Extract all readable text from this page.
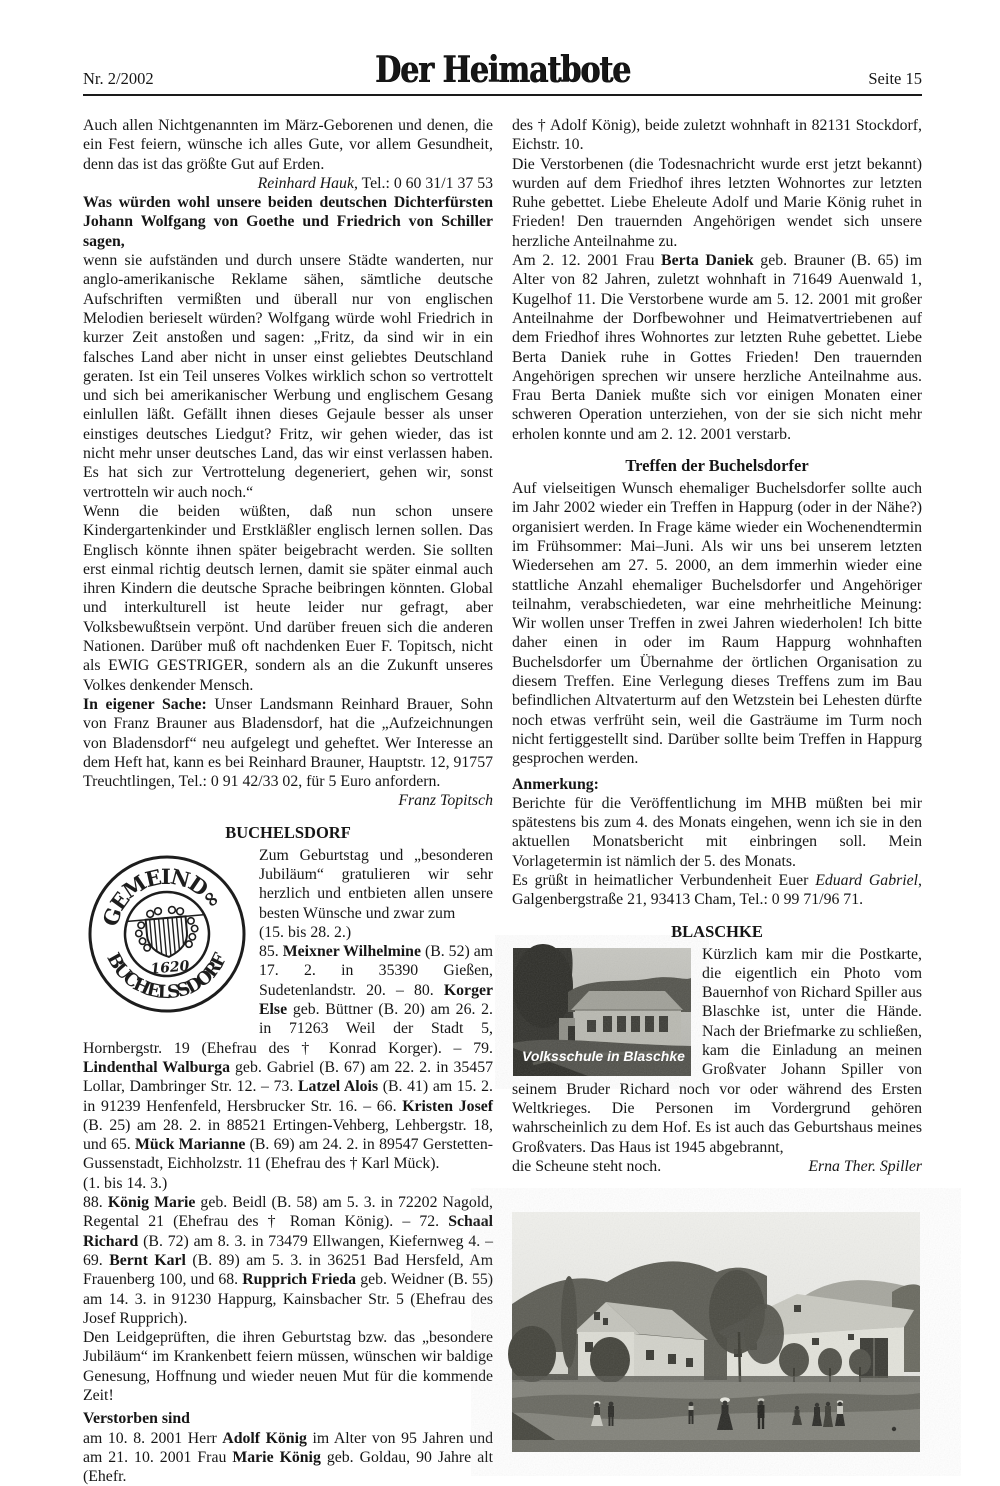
Nr. 2/2002	Der Heimatbote	Seite 15

Auch allen Nichtgenannten im März-Geborenen und denen, die ein Fest feiern, wünsche ich alles Gute, vor allem Gesundheit, denn das ist das größte Gut auf Erden.

Reinhard Hauk, Tel.: 0 60 31/1 37 53

Was würden wohl unsere beiden deutschen Dichterfürsten Johann Wolfgang von Goethe und Friedrich von Schiller sagen,

wenn sie aufständen und durch unsere Städte wanderten, nur anglo-amerikanische Reklame sähen, sämtliche deutsche Aufschriften vermißten und überall nur von englischen Melodien berieselt würden? Wolfgang würde wohl Friedrich in kurzer Zeit anstoßen und sagen: „Fritz, da sind wir in ein falsches Land aber nicht in unser einst geliebtes Deutschland geraten. Ist ein Teil unseres Volkes wirklich schon so vertrottelt und sich bei amerikanischer Werbung und englischem Gesang einlullen läßt. Gefällt ihnen dieses Gejaule besser als unser einstiges deutsches Liedgut? Fritz, wir gehen wieder, das ist nicht mehr unser deutsches Land, das wir einst verlassen haben. Es hat sich zur Vertrottelung degeneriert, gehen wir, sonst vertrotteln wir auch noch.“

Wenn die beiden wüßten, daß nun schon unsere Kindergartenkinder und Erstkläßler englisch lernen sollen. Das Englisch könnte ihnen später beigebracht werden. Sie sollten erst einmal richtig deutsch lernen, damit sie später einmal auch ihren Kindern die deutsche Sprache beibringen könnten. Global und interkulturell ist heute leider nur gefragt, aber Volksbewußtsein verpönt. Und darüber freuen sich die anderen Nationen. Darüber muß oft nachdenken Euer F. Topitsch, nicht als EWIG GESTRIGER, sondern als an die Zukunft unseres Volkes denkender Mensch.

In eigener Sache: Unser Landsmann Reinhard Brauer, Sohn von Franz Brauner aus Bladensdorf, hat die „Aufzeichnungen von Bladensdorf“ neu aufgelegt und geheftet. Wer Interesse an dem Heft hat, kann es bei Reinhard Brauner, Hauptstr. 12, 91757 Treuchtlingen, Tel.: 0 91 42/33 02, für 5 Euro anfordern.

Franz Topitsch

BUCHELSDORF
GEMEIND∞
BUCHELSSDORF
1620

Zum Geburtstag und „besonderen Jubiläum“ gratulieren wir sehr herzlich und entbieten allen unsere besten Wünsche und zwar zum
(15. bis 28. 2.)
85. Meixner Wilhelmine (B. 52) am 17. 2. in 35390 Gießen, Sudetenlandstr. 20. – 80. Korger Else geb. Büttner (B. 20) am 26. 2. in 71263 Weil der Stadt 5, Hornbergstr. 19 (Ehefrau des † Konrad Korger). – 79. Lindenthal Walburga geb. Gabriel (B. 67) am 22. 2. in 35457 Lollar, Dambringer Str. 12. – 73. Latzel Alois (B. 41) am 15. 2. in 91239 Henfenfeld, Hersbrucker Str. 16. – 66. Kristen Josef (B. 25) am 28. 2. in 88521 Ertingen-Vehberg, Lehbergstr. 18, und 65. Mück Marianne (B. 69) am 24. 2. in 89547 Gerstetten-Gussenstadt, Eichholzstr. 11 (Ehefrau des † Karl Mück).
(1. bis 14. 3.)
88. König Marie geb. Beidl (B. 58) am 5. 3. in 72202 Nagold, Regental 21 (Ehefrau des † Roman König). – 72. Schaal Richard (B. 72) am 8. 3. in 73479 Ellwangen, Kiefernweg 4. – 69. Bernt Karl (B. 89) am 5. 3. in 36251 Bad Hersfeld, Am Frauenberg 100, und 68. Rupprich Frieda geb. Weidner (B. 55) am 14. 3. in 91230 Happurg, Kainsbacher Str. 5 (Ehefrau des Josef Rupprich).
Den Leidgeprüften, die ihren Geburtstag bzw. das „besondere Jubiläum“ im Krankenbett feiern müssen, wünschen wir baldige Genesung, Hoffnung und wieder neuen Mut für die kommende Zeit!

Verstorben sind

am 10. 8. 2001 Herr Adolf König im Alter von 95 Jahren und am 21. 10. 2001 Frau Marie König geb. Goldau, 90 Jahre alt (Ehefr.

des † Adolf König), beide zuletzt wohnhaft in 82131 Stockdorf, Eichstr. 10.
Die Verstorbenen (die Todesnachricht wurde erst jetzt bekannt) wurden auf dem Friedhof ihres letzten Wohnortes zur letzten Ruhe gebettet. Liebe Eheleute Adolf und Marie König ruhet in Frieden! Den trauernden Angehörigen wendet sich unsere herzliche Anteilnahme zu.
Am 2. 12. 2001 Frau Berta Daniek geb. Brauner (B. 65) im Alter von 82 Jahren, zuletzt wohnhaft in 71649 Auenwald 1, Kugelhof 11. Die Verstorbene wurde am 5. 12. 2001 mit großer Anteilnahme der Dorfbewohner und Heimatvertriebenen auf dem Friedhof ihres Wohnortes zur letzten Ruhe gebettet. Liebe Berta Daniek ruhe in Gottes Frieden! Den trauernden Angehörigen sprechen wir unsere herzliche Anteilnahme aus. Frau Berta Daniek mußte sich vor einigen Monaten einer schweren Operation unterziehen, von der sie sich nicht mehr erholen konnte und am 2. 12. 2001 verstarb.

Treffen der Buchelsdorfer

Auf vielseitigen Wunsch ehemaliger Buchelsdorfer sollte auch im Jahr 2002 wieder ein Treffen in Happurg (oder in der Nähe?) organisiert werden. In Frage käme wieder ein Wochenendtermin im Frühsommer: Mai–Juni. Als wir uns bei unserem letzten Wiedersehen am 27. 5. 2000, an dem immerhin wieder eine stattliche Anzahl ehemaliger Buchelsdorfer und Angehöriger teilnahm, verabschiedeten, war eine mehrheitliche Meinung: Wir wollen unser Treffen in zwei Jahren wiederholen! Ich bitte daher einen in oder im Raum Happurg wohnhaften Buchelsdorfer um Übernahme der örtlichen Organisation zu diesem Treffen. Eine Verlegung dieses Treffens zum im Bau befindlichen Altvaterturm auf den Wetzstein bei Lehesten dürfte noch etwas verfrüht sein, weil die Gasträume im Turm noch nicht fertiggestellt sind. Darüber sollte beim Treffen in Happurg gesprochen werden.

Anmerkung:

Berichte für die Veröffentlichung im MHB müßten bei mir spätestens bis zum 4. des Monats eingehen, wenn ich sie in den aktuellen Monatsbericht mit einbringen soll. Mein Vorlagetermin ist nämlich der 5. des Monats.

Es grüßt in heimatlicher Verbundenheit Euer Eduard Gabriel, Galgenbergstraße 21, 93413 Cham, Tel.: 0 99 71/96 71.

BLASCHKE
Volksschule in Blaschke

Kürzlich kam mir die Postkarte, die eigentlich ein Photo vom Bauernhof von Richard Spiller aus Blaschke ist, unter die Hände. Nach der Briefmarke zu schließen, kam die Einladung an meinen Großvater Johann Spiller von seinem Bruder Richard noch vor oder während des Ersten Weltkrieges. Die Personen im Vordergrund gehören wahrscheinlich zu dem Hof. Es ist auch das Geburtshaus meines Großvaters. Das Haus ist 1945 abgebrannt,

die Scheune steht noch.	Erna Ther. Spiller
